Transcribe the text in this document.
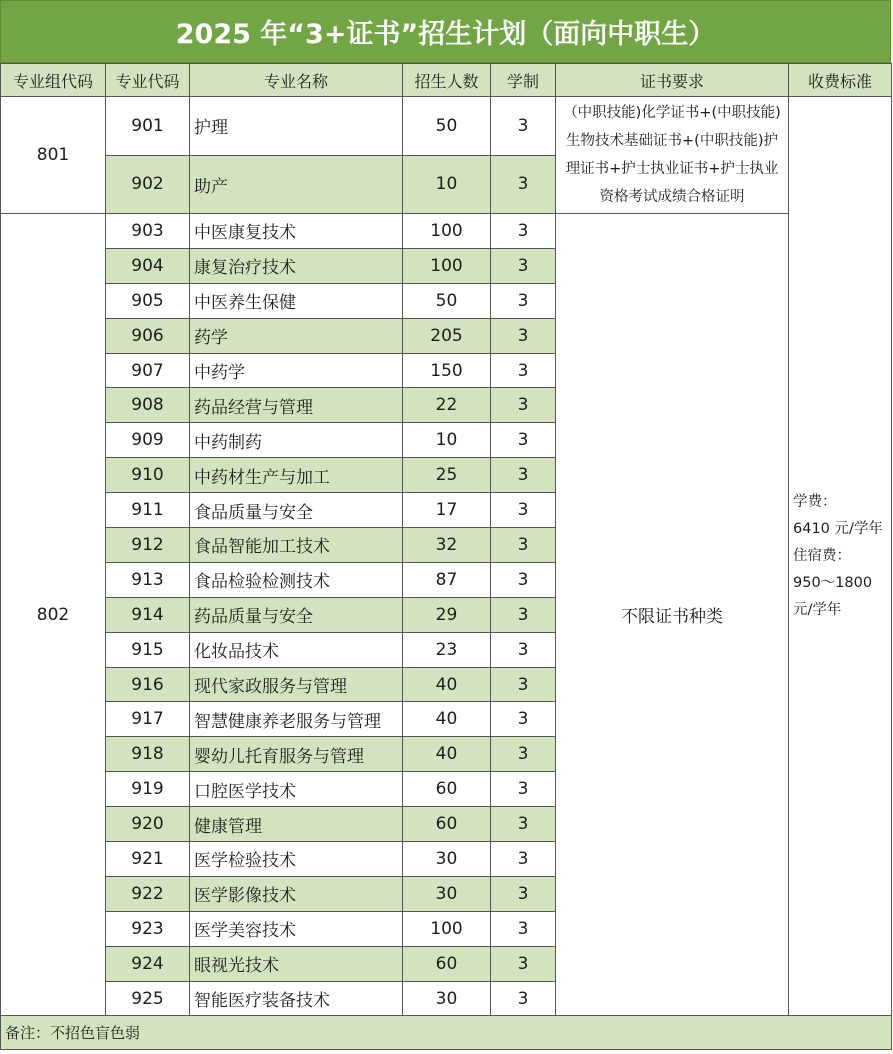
2025 年“3+证书”招生计划（面向中职生）
专业组代码	专业代码	专业名称	招生人数	学制	证书要求	收费标准
801	901	护理	50	3	（中职技能)化学证书+(中职技能)生物技术基础证书+(中职技能)护理证书+护士执业证书+护士执业资格考试成绩合格证明	学费：
6410 元/学年
住宿费：
950～1800
元/学年

	902	助产	10	3		
802	903	中医康复技术	100	3	不限证书种类	
	904	康复治疗技术	100	3		
	905	中医养生保健	50	3		
	906	药学	205	3		
	907	中药学	150	3		
	908	药品经营与管理	22	3		
	909	中药制药	10	3		
	910	中药材生产与加工	25	3		
	911	食品质量与安全	17	3		
	912	食品智能加工技术	32	3		
	913	食品检验检测技术	87	3		
	914	药品质量与安全	29	3		
	915	化妆品技术	23	3		
	916	现代家政服务与管理	40	3		
	917	智慧健康养老服务与管理	40	3		
	918	婴幼儿托育服务与管理	40	3		
	919	口腔医学技术	60	3		
	920	健康管理	60	3		
	921	医学检验技术	30	3		
	922	医学影像技术	30	3		
	923	医学美容技术	100	3		
	924	眼视光技术	60	3		
	925	智能医疗装备技术	30	3		
备注：不招色盲色弱						
